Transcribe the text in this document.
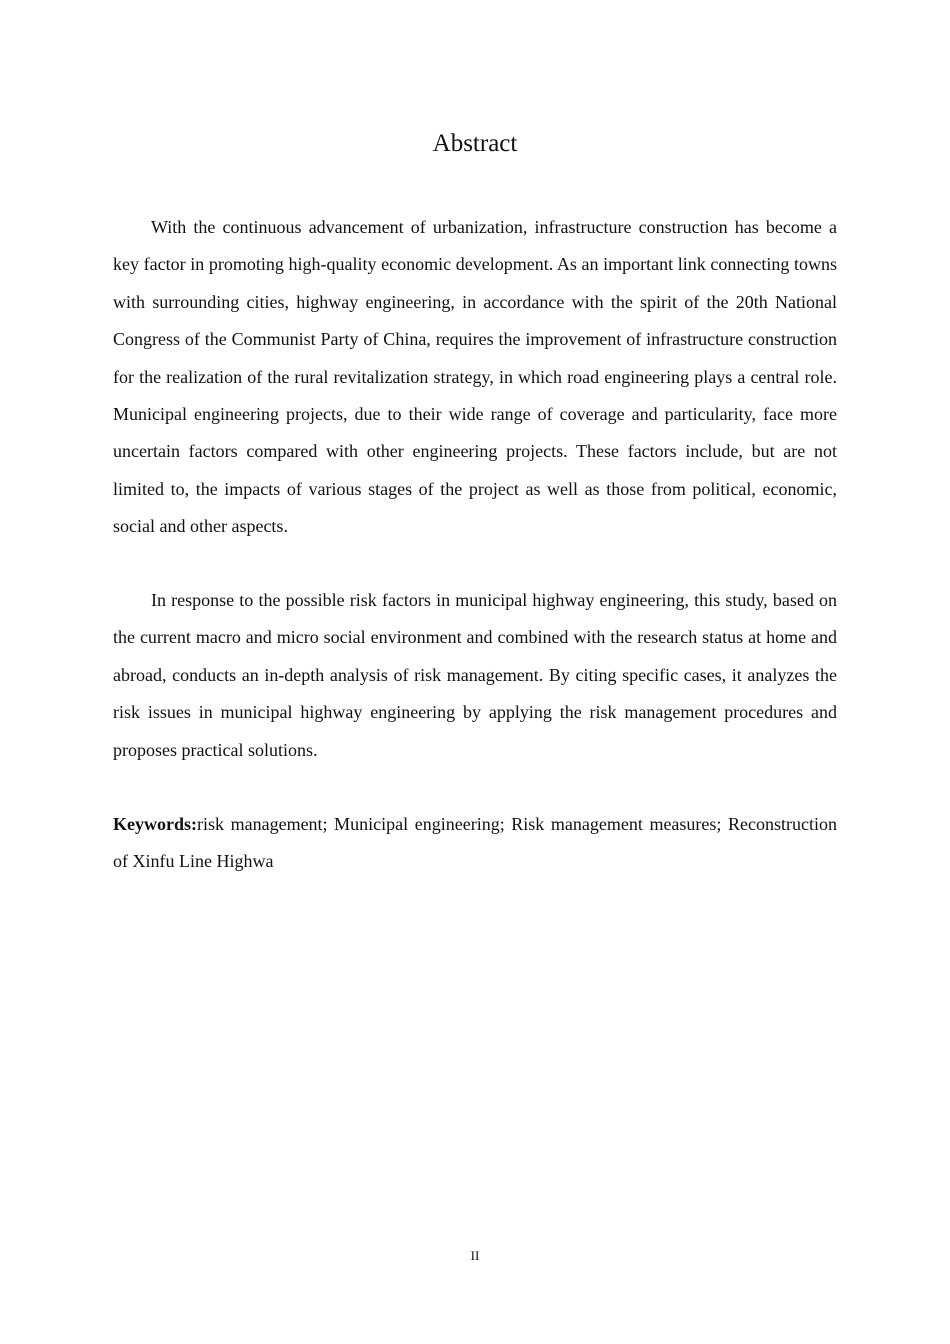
Abstract

With the continuous advancement of urbanization, infrastructure construction has become a key factor in promoting high-quality economic development. As an important link connecting towns with surrounding cities, highway engineering, in accordance with the spirit of the 20th National Congress of the Communist Party of China, requires the improvement of infrastructure construction for the realization of the rural revitalization strategy, in which road engineering plays a central role. Municipal engineering projects, due to their wide range of coverage and particularity, face more uncertain factors compared with other engineering projects. These factors include, but are not limited to, the impacts of various stages of the project as well as those from political, economic, social and other aspects.

In response to the possible risk factors in municipal highway engineering, this study, based on the current macro and micro social environment and combined with the research status at home and abroad, conducts an in-depth analysis of risk management. By citing specific cases, it analyzes the risk issues in municipal highway engineering by applying the risk management procedures and proposes practical solutions.

Keywords:risk management; Municipal engineering; Risk management measures; Reconstruction of Xinfu Line Highwa

II
